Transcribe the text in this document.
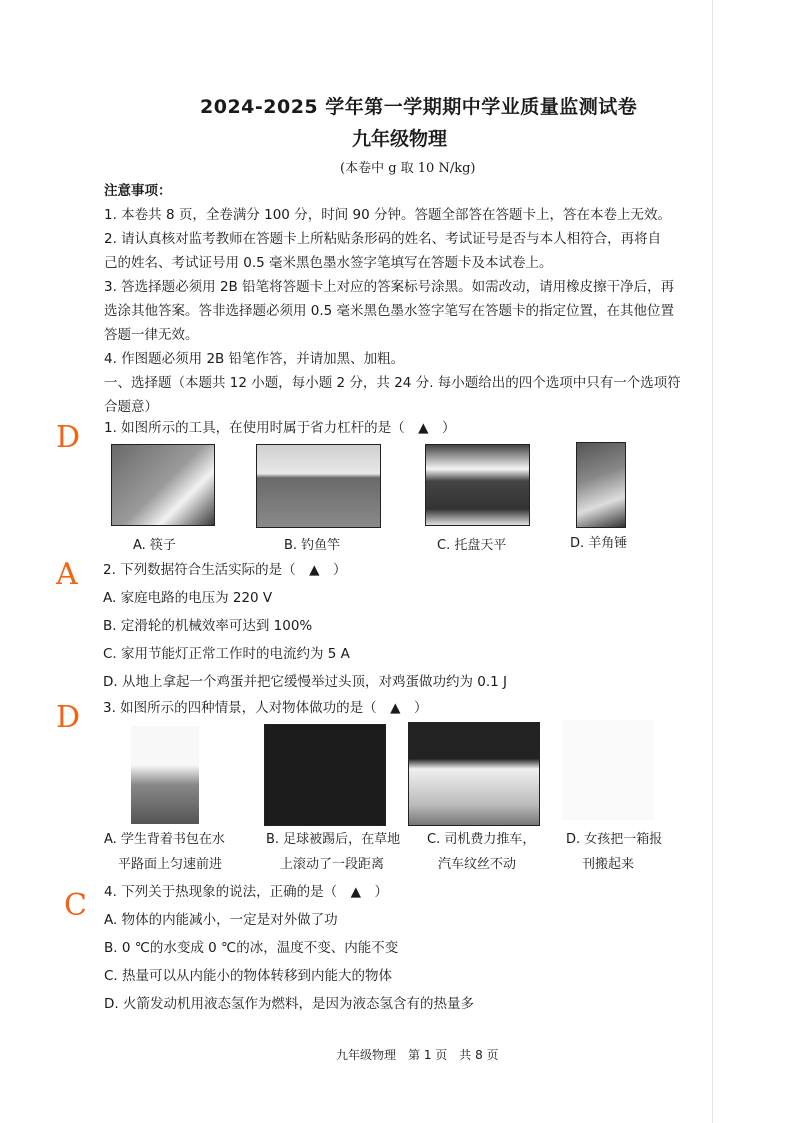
2024-2025 学年第一学期期中学业质量监测试卷
九年级物理
(本卷中 g 取 10 N/kg)
注意事项：
1. 本卷共 8 页，全卷满分 100 分，时间 90 分钟。答题全部答在答题卡上，答在本卷上无效。
2. 请认真核对监考教师在答题卡上所粘贴条形码的姓名、考试证号是否与本人相符合，再将自
己的姓名、考试证号用 0.5 毫米黑色墨水签字笔填写在答题卡及本试卷上。
3. 答选择题必须用 2B 铅笔将答题卡上对应的答案标号涂黑。如需改动，请用橡皮擦干净后，再
选涂其他答案。答非选择题必须用 0.5 毫米黑色墨水签字笔写在答题卡的指定位置，在其他位置
答题一律无效。
4. 作图题必须用 2B 铅笔作答，并请加黑、加粗。
一、选择题（本题共 12 小题，每小题 2 分，共 24 分. 每小题给出的四个选项中只有一个选项符
合题意）
D 1. 如图所示的工具，在使用时属于省力杠杆的是（　▲　）
A. 筷子	B. 钓鱼竿	C. 托盘天平	D. 羊角锤
A 2. 下列数据符合生活实际的是（　▲　）
A. 家庭电路的电压为 220 V
B. 定滑轮的机械效率可达到 100%
C. 家用节能灯正常工作时的电流约为 5 A
D. 从地上拿起一个鸡蛋并把它缓慢举过头顶，对鸡蛋做功约为 0.1 J
D 3. 如图所示的四种情景，人对物体做功的是（　▲　）
A. 学生背着书包在水
平路面上匀速前进
B. 足球被踢后，在草地
上滚动了一段距离
C. 司机费力推车，
汽车纹丝不动
D. 女孩把一箱报
刊搬起来
C 4. 下列关于热现象的说法，正确的是（　▲　）
A. 物体的内能减小，一定是对外做了功
B. 0 ℃的水变成 0 ℃的冰，温度不变、内能不变
C. 热量可以从内能小的物体转移到内能大的物体
D. 火箭发动机用液态氢作为燃料，是因为液态氢含有的热量多
九年级物理　第 1 页　共 8 页
